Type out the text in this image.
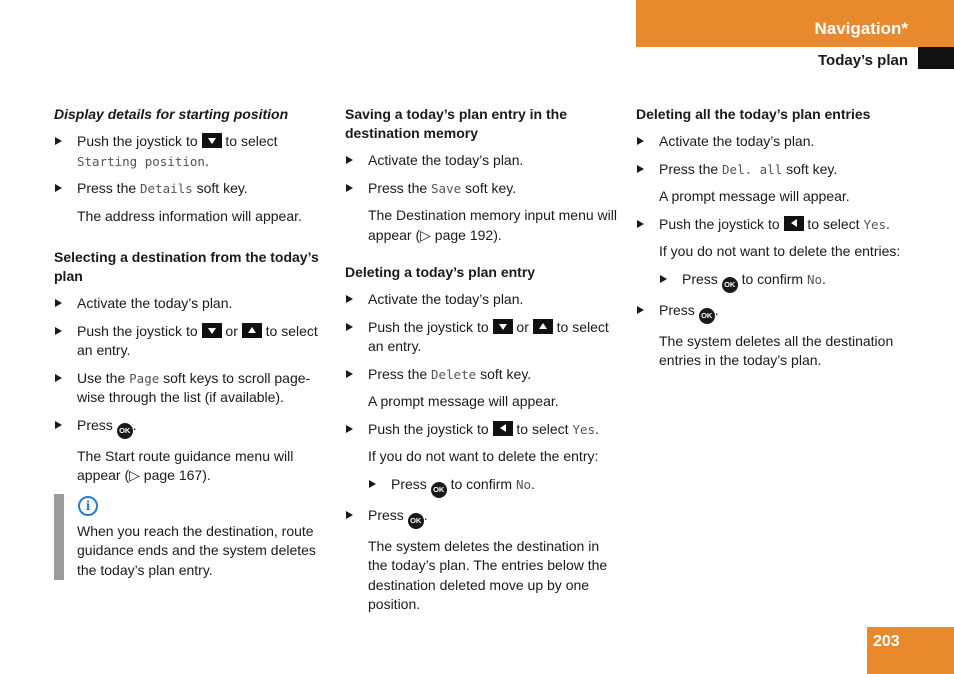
Navigation*
Today’s plan
Display details for starting position
Push the joystick to to select
Starting position.
Press the Details soft key.
The address information will appear.
Selecting a destination from the today’s plan
Activate the today’s plan.
Push the joystick to or to select an entry.
Use the Page soft keys to scroll page-wise through the list (if available).
Press OK .
The Start route guidance menu will appear (▷ page 167).
i
When you reach the destination, route guidance ends and the system deletes the today’s plan entry.
Saving a today’s plan entry in the destination memory
Activate the today’s plan.
Press the Save soft key.
The Destination memory input menu will appear (▷ page 192).
Deleting a today’s plan entry
Activate the today’s plan.
Push the joystick to or to select an entry.
Press the Delete soft key.
A prompt message will appear.
Push the joystick to to select Yes.
If you do not want to delete the entry:
Press OK to confirm No.
Press OK .
The system deletes the destination in the today’s plan. The entries below the destination deleted move up by one position.
Deleting all the today’s plan entries
Activate the today’s plan.
Press the Del. all soft key.
A prompt message will appear.
Push the joystick to to select Yes.
If you do not want to delete the entries:
Press OK to confirm No.
Press OK .
The system deletes all the destination entries in the today’s plan.
203
